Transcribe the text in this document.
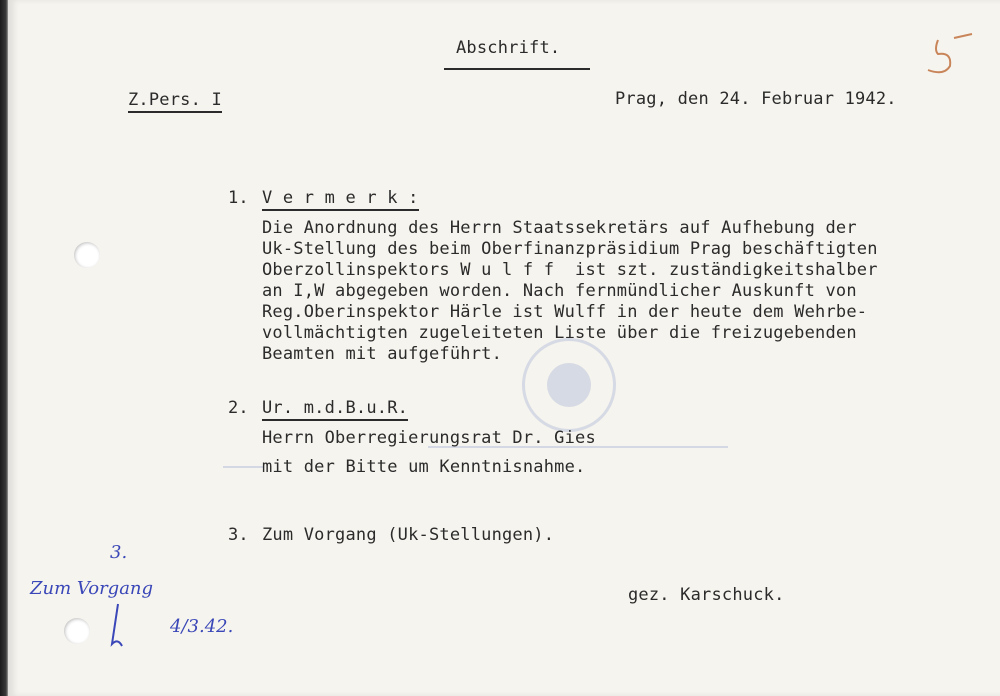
Abschrift.
Z.Pers. I	Prag, den 24. Februar 1942.
1. V e r m e r k :
Die Anordnung des Herrn Staatssekretärs auf Aufhebung der
Uk-Stellung des beim Oberfinanzpräsidium Prag beschäftigten
Oberzollinspektors W u l f f  ist szt. zuständigkeitshalber
an I,W abgegeben worden. Nach fernmündlicher Auskunft von
Reg.Oberinspektor Härle ist Wulff in der heute dem Wehrbe-
vollmächtigten zugeleiteten Liste über die freizugebenden
Beamten mit aufgeführt.
2. Ur. m.d.B.u.R.
Herrn Oberregierungsrat Dr. Gies
mit der Bitte um Kenntnisnahme.
3. Zum Vorgang (Uk-Stellungen).
gez. Karschuck.
3.
Zum Vorgang
4/3.42.
